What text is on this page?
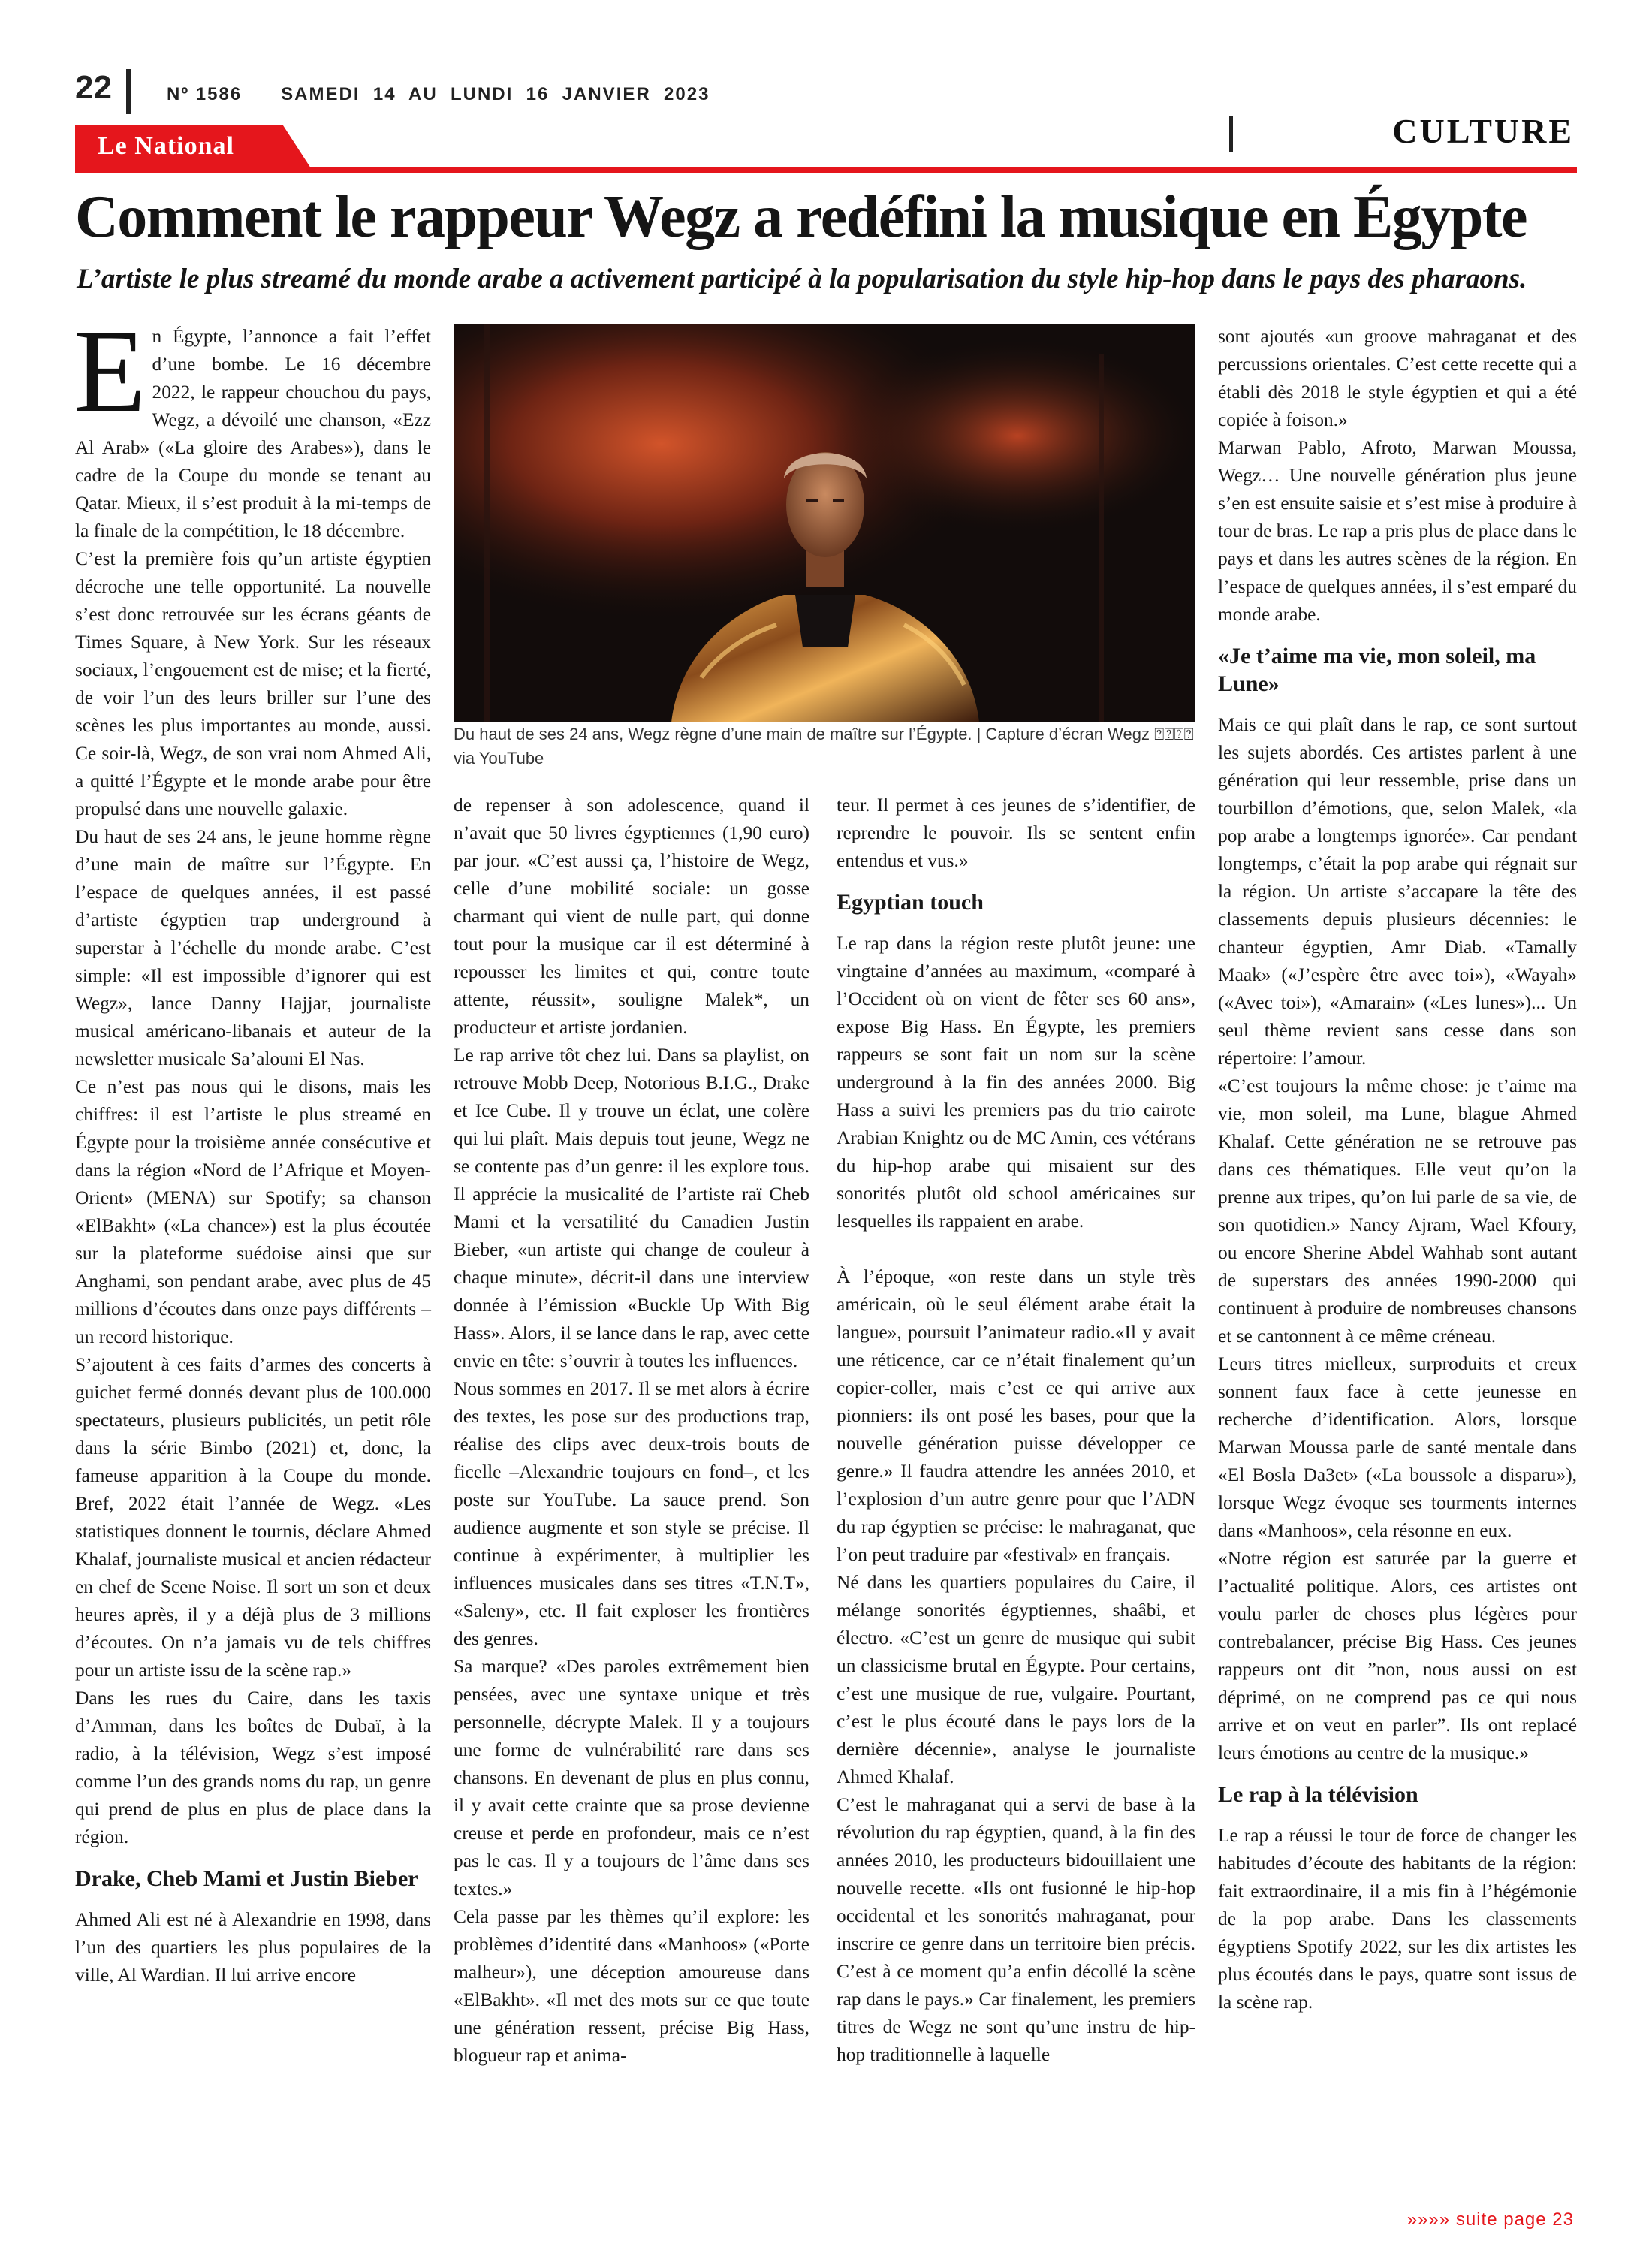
22	Nº 1586      SAMEDI  14  AU  LUNDI  16  JANVIER  2023
CULTURE
Le National
Comment le rappeur Wegz a redéfini la musique en Égypte
L’artiste le plus streamé du monde arabe a activement participé à la popularisation du style hip-hop dans le pays des pharaons.

En Égypte, l’annonce a fait l’effet d’une bombe. Le 16 décembre 2022, le rappeur chouchou du pays, Wegz, a dévoilé une chanson, «Ezz Al Arab» («La gloire des Arabes»), dans le cadre de la Coupe du monde se tenant au Qatar. Mieux, il s’est produit à la mi-temps de la finale de la compétition, le 18 décembre.

C’est la première fois qu’un artiste égyptien décroche une telle opportunité. La nouvelle s’est donc retrouvée sur les écrans géants de Times Square, à New York. Sur les réseaux sociaux, l’engouement est de mise; et la fierté, de voir l’un des leurs briller sur l’une des scènes les plus importantes au monde, aussi. Ce soir-là, Wegz, de son vrai nom Ahmed Ali, a quitté l’Égypte et le monde arabe pour être propulsé dans une nouvelle galaxie.

Du haut de ses 24 ans, le jeune homme règne d’une main de maître sur l’Égypte. En l’espace de quelques années, il est passé d’artiste égyptien trap underground à superstar à l’échelle du monde arabe. C’est simple: «Il est impossible d’ignorer qui est Wegz», lance Danny Hajjar, journaliste musical américano-libanais et auteur de la newsletter musicale Sa’alouni El Nas.

Ce n’est pas nous qui le disons, mais les chiffres: il est l’artiste le plus streamé en Égypte pour la troisième année consécutive et dans la région «Nord de l’Afrique et Moyen-Orient» (MENA) sur Spotify; sa chanson «ElBakht» («La chance») est la plus écoutée sur la plateforme suédoise ainsi que sur Anghami, son pendant arabe, avec plus de 45 millions d’écoutes dans onze pays différents –un record historique.

S’ajoutent à ces faits d’armes des concerts à guichet fermé donnés devant plus de 100.000 spectateurs, plusieurs publicités, un petit rôle dans la série Bimbo (2021) et, donc, la fameuse apparition à la Coupe du monde. Bref, 2022 était l’année de Wegz. «Les statistiques donnent le tournis, déclare Ahmed Khalaf, journaliste musical et ancien rédacteur en chef de Scene Noise. Il sort un son et deux heures après, il y a déjà plus de 3 millions d’écoutes. On n’a jamais vu de tels chiffres pour un artiste issu de la scène rap.»

Dans les rues du Caire, dans les taxis d’Amman, dans les boîtes de Dubaï, à la radio, à la télévision, Wegz s’est imposé comme l’un des grands noms du rap, un genre qui prend de plus en plus de place dans la région.

Drake, Cheb Mami et Justin Bieber

Ahmed Ali est né à Alexandrie en 1998, dans l’un des quartiers les plus populaires de la ville, Al Wardian. Il lui arrive encore

Du haut de ses 24 ans, Wegz règne d’une main de maître sur l’Égypte. | Capture d’écran Wegz ⍰⍰⍰⍰ via YouTube

de repenser à son adolescence, quand il n’avait que 50 livres égyptiennes (1,90 euro) par jour. «C’est aussi ça, l’histoire de Wegz, celle d’une mobilité sociale: un gosse charmant qui vient de nulle part, qui donne tout pour la musique car il est déterminé à repousser les limites et qui, contre toute attente, réussit», souligne Malek*, un producteur et artiste jordanien.

Le rap arrive tôt chez lui. Dans sa playlist, on retrouve Mobb Deep, Notorious B.I.G., Drake et Ice Cube. Il y trouve un éclat, une colère qui lui plaît. Mais depuis tout jeune, Wegz ne se contente pas d’un genre: il les explore tous. Il apprécie la musicalité de l’artiste raï Cheb Mami et la versatilité du Canadien Justin Bieber, «un artiste qui change de couleur à chaque minute», décrit-il dans une interview donnée à l’émission «Buckle Up With Big Hass». Alors, il se lance dans le rap, avec cette envie en tête: s’ouvrir à toutes les influences.

Nous sommes en 2017. Il se met alors à écrire des textes, les pose sur des productions trap, réalise des clips avec deux-trois bouts de ficelle –Alexandrie toujours en fond–, et les poste sur YouTube. La sauce prend. Son audience augmente et son style se précise. Il continue à expérimenter, à multiplier les influences musicales dans ses titres «T.N.T», «Saleny», etc. Il fait exploser les frontières des genres.

Sa marque? «Des paroles extrêmement bien pensées, avec une syntaxe unique et très personnelle, décrypte Malek. Il y a toujours une forme de vulnérabilité rare dans ses chansons. En devenant de plus en plus connu, il y avait cette crainte que sa prose devienne creuse et perde en profondeur, mais ce n’est pas le cas. Il y a toujours de l’âme dans ses textes.»

Cela passe par les thèmes qu’il explore: les problèmes d’identité dans «Manhoos» («Porte malheur»), une déception amoureuse dans «ElBakht». «Il met des mots sur ce que toute une génération ressent, précise Big Hass, blogueur rap et anima-

teur. Il permet à ces jeunes de s’identifier, de reprendre le pouvoir. Ils se sentent enfin entendus et vus.»

Egyptian touch

Le rap dans la région reste plutôt jeune: une vingtaine d’années au maximum, «comparé à l’Occident où on vient de fêter ses 60 ans», expose Big Hass. En Égypte, les premiers rappeurs se sont fait un nom sur la scène underground à la fin des années 2000. Big Hass a suivi les premiers pas du trio cairote Arabian Knightz ou de MC Amin, ces vétérans du hip-hop arabe qui misaient sur des sonorités plutôt old school américaines sur lesquelles ils rappaient en arabe.

À l’époque, «on reste dans un style très américain, où le seul élément arabe était la langue», poursuit l’animateur radio.«Il y avait une réticence, car ce n’était finalement qu’un copier-coller, mais c’est ce qui arrive aux pionniers: ils ont posé les bases, pour que la nouvelle génération puisse développer ce genre.» Il faudra attendre les années 2010, et l’explosion d’un autre genre pour que l’ADN du rap égyptien se précise: le mahraganat, que l’on peut traduire par «festival» en français.

Né dans les quartiers populaires du Caire, il mélange sonorités égyptiennes, shaâbi, et électro. «C’est un genre de musique qui subit un classicisme brutal en Égypte. Pour certains, c’est une musique de rue, vulgaire. Pourtant, c’est le plus écouté dans le pays lors de la dernière décennie», analyse le journaliste Ahmed Khalaf.

C’est le mahraganat qui a servi de base à la révolution du rap égyptien, quand, à la fin des années 2010, les producteurs bidouillaient une nouvelle recette. «Ils ont fusionné le hip-hop occidental et les sonorités mahraganat, pour inscrire ce genre dans un territoire bien précis. C’est à ce moment qu’a enfin décollé la scène rap dans le pays.» Car finalement, les premiers titres de Wegz ne sont qu’une instru de hip-hop traditionnelle à laquelle

sont ajoutés «un groove mahraganat et des percussions orientales. C’est cette recette qui a établi dès 2018 le style égyptien et qui a été copiée à foison.»

Marwan Pablo, Afroto, Marwan Moussa, Wegz… Une nouvelle génération plus jeune s’en est ensuite saisie et s’est mise à produire à tour de bras. Le rap a pris plus de place dans le pays et dans les autres scènes de la région. En l’espace de quelques années, il s’est emparé du monde arabe.

«Je t’aime ma vie, mon soleil, ma Lune»

Mais ce qui plaît dans le rap, ce sont surtout les sujets abordés. Ces artistes parlent à une génération qui leur ressemble, prise dans un tourbillon d’émotions, que, selon Malek, «la pop arabe a longtemps ignorée». Car pendant longtemps, c’était la pop arabe qui régnait sur la région. Un artiste s’accapare la tête des classements depuis plusieurs décennies: le chanteur égyptien, Amr Diab. «Tamally Maak» («J’espère être avec toi»), «Wayah» («Avec toi»), «Amarain» («Les lunes»)... Un seul thème revient sans cesse dans son répertoire: l’amour.

«C’est toujours la même chose: je t’aime ma vie, mon soleil, ma Lune, blague Ahmed Khalaf. Cette génération ne se retrouve pas dans ces thématiques. Elle veut qu’on la prenne aux tripes, qu’on lui parle de sa vie, de son quotidien.» Nancy Ajram, Wael Kfoury, ou encore Sherine Abdel Wahhab sont autant de superstars des années 1990-2000 qui continuent à produire de nombreuses chansons et se cantonnent à ce même créneau.

Leurs titres mielleux, surproduits et creux sonnent faux face à cette jeunesse en recherche d’identification. Alors, lorsque Marwan Moussa parle de santé mentale dans «El Bosla Da3et» («La boussole a disparu»), lorsque Wegz évoque ses tourments internes dans «Manhoos», cela résonne en eux.

«Notre région est saturée par la guerre et l’actualité politique. Alors, ces artistes ont voulu parler de choses plus légères pour contrebalancer, précise Big Hass. Ces jeunes rappeurs ont dit ”non, nous aussi on est déprimé, on ne comprend pas ce qui nous arrive et on veut en parler”. Ils ont replacé leurs émotions au centre de la musique.»

Le rap à la télévision

Le rap a réussi le tour de force de changer les habitudes d’écoute des habitants de la région: fait extraordinaire, il a mis fin à l’hégémonie de la pop arabe. Dans les classements égyptiens Spotify 2022, sur les dix artistes les plus écoutés dans le pays, quatre sont issus de la scène rap.

»»»» suite page 23
